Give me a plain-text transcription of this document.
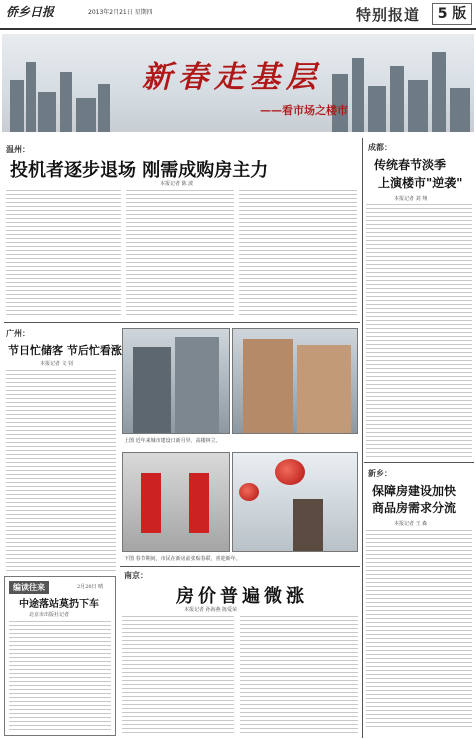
侨乡日报	2013年2月21日 星期四	特别报道	5 版
新春走基层
——看市场之楼市
温州：
投机者逐步退场 刚需成购房主力
本报记者 陈 波
成都：
传统春节淡季
上演楼市"逆袭"
本报记者 刘 翔
广州：
节日忙储客 节后忙看涨
本报记者 文 钊
上图 近年来城市建设日新月异，高楼林立。
下图 春节期间，市民在新房前张贴春联，喜迎新年。
新乡：
保障房建设加快
商品房需求分流
本报记者 王 森
编读往来	2月20日 晴
中途落站莫扔下车
北京市出版社记者
南京：
房价普遍微涨
本报记者 孙海燕 陈爱荣
